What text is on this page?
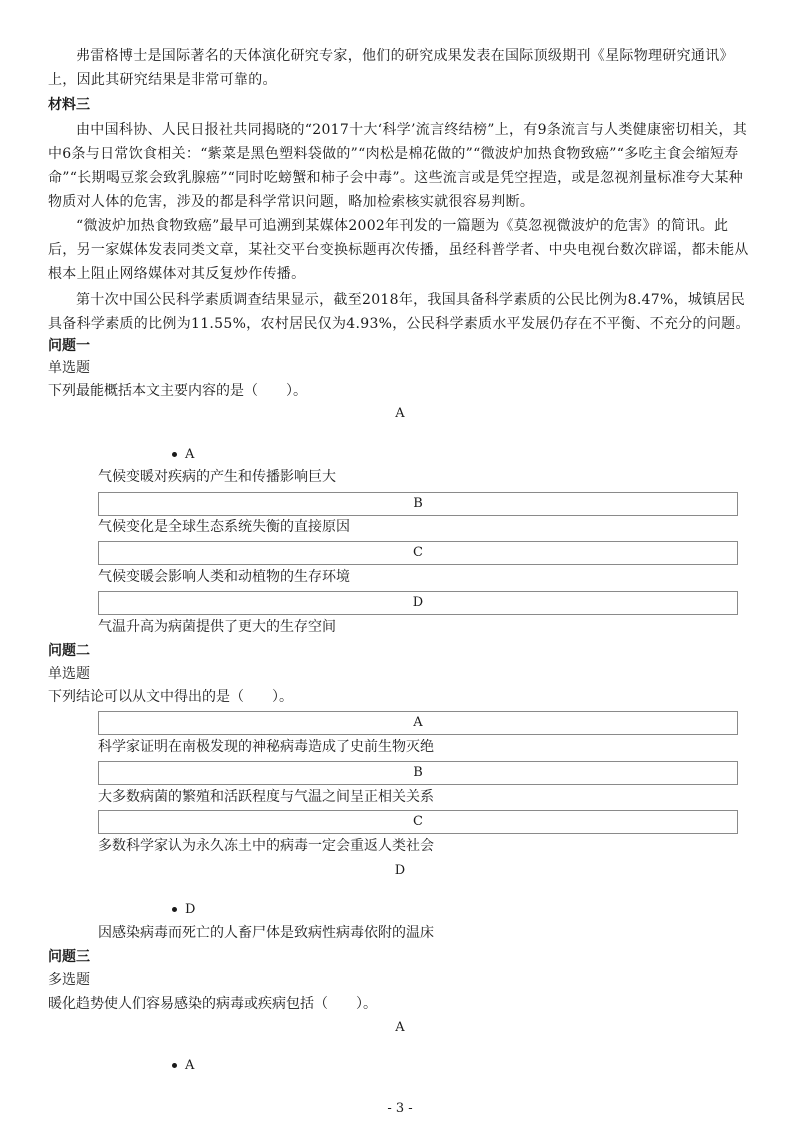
弗雷格博士是国际著名的天体演化研究专家，他们的研究成果发表在国际顶级期刊《星际物理研究通讯》上，因此其研究结果是非常可靠的。

材料三

由中国科协、人民日报社共同揭晓的“2017十大‘科学’流言终结榜”上，有9条流言与人类健康密切相关，其中6条与日常饮食相关：“紫菜是黑色塑料袋做的”“肉松是棉花做的”“微波炉加热食物致癌”“多吃主食会缩短寿命”“长期喝豆浆会致乳腺癌”“同时吃螃蟹和柿子会中毒”。这些流言或是凭空捏造，或是忽视剂量标准夸大某种物质对人体的危害，涉及的都是科学常识问题，略加检索核实就很容易判断。

“微波炉加热食物致癌”最早可追溯到某媒体2002年刊发的一篇题为《莫忽视微波炉的危害》的简讯。此后，另一家媒体发表同类文章，某社交平台变换标题再次传播，虽经科普学者、中央电视台数次辟谣，都未能从根本上阻止网络媒体对其反复炒作传播。

第十次中国公民科学素质调查结果显示，截至2018年，我国具备科学素质的公民比例为8.47%，城镇居民具备科学素质的比例为11.55%，农村居民仅为4.93%，公民科学素质水平发展仍存在不平衡、不充分的问题。

问题一

单选题

下列最能概括本文主要内容的是（　　）。

A
A

气候变暖对疾病的产生和传播影响巨大

B

气候变化是全球生态系统失衡的直接原因

C

气候变暖会影响人类和动植物的生存环境

D

气温升高为病菌提供了更大的生存空间

问题二

单选题

下列结论可以从文中得出的是（　　）。

A

科学家证明在南极发现的神秘病毒造成了史前生物灭绝

B

大多数病菌的繁殖和活跃程度与气温之间呈正相关关系

C

多数科学家认为永久冻土中的病毒一定会重返人类社会

D
D

因感染病毒而死亡的人畜尸体是致病性病毒依附的温床

问题三

多选题

暖化趋势使人们容易感染的病毒或疾病包括（　　）。

A
A
- 3 -
